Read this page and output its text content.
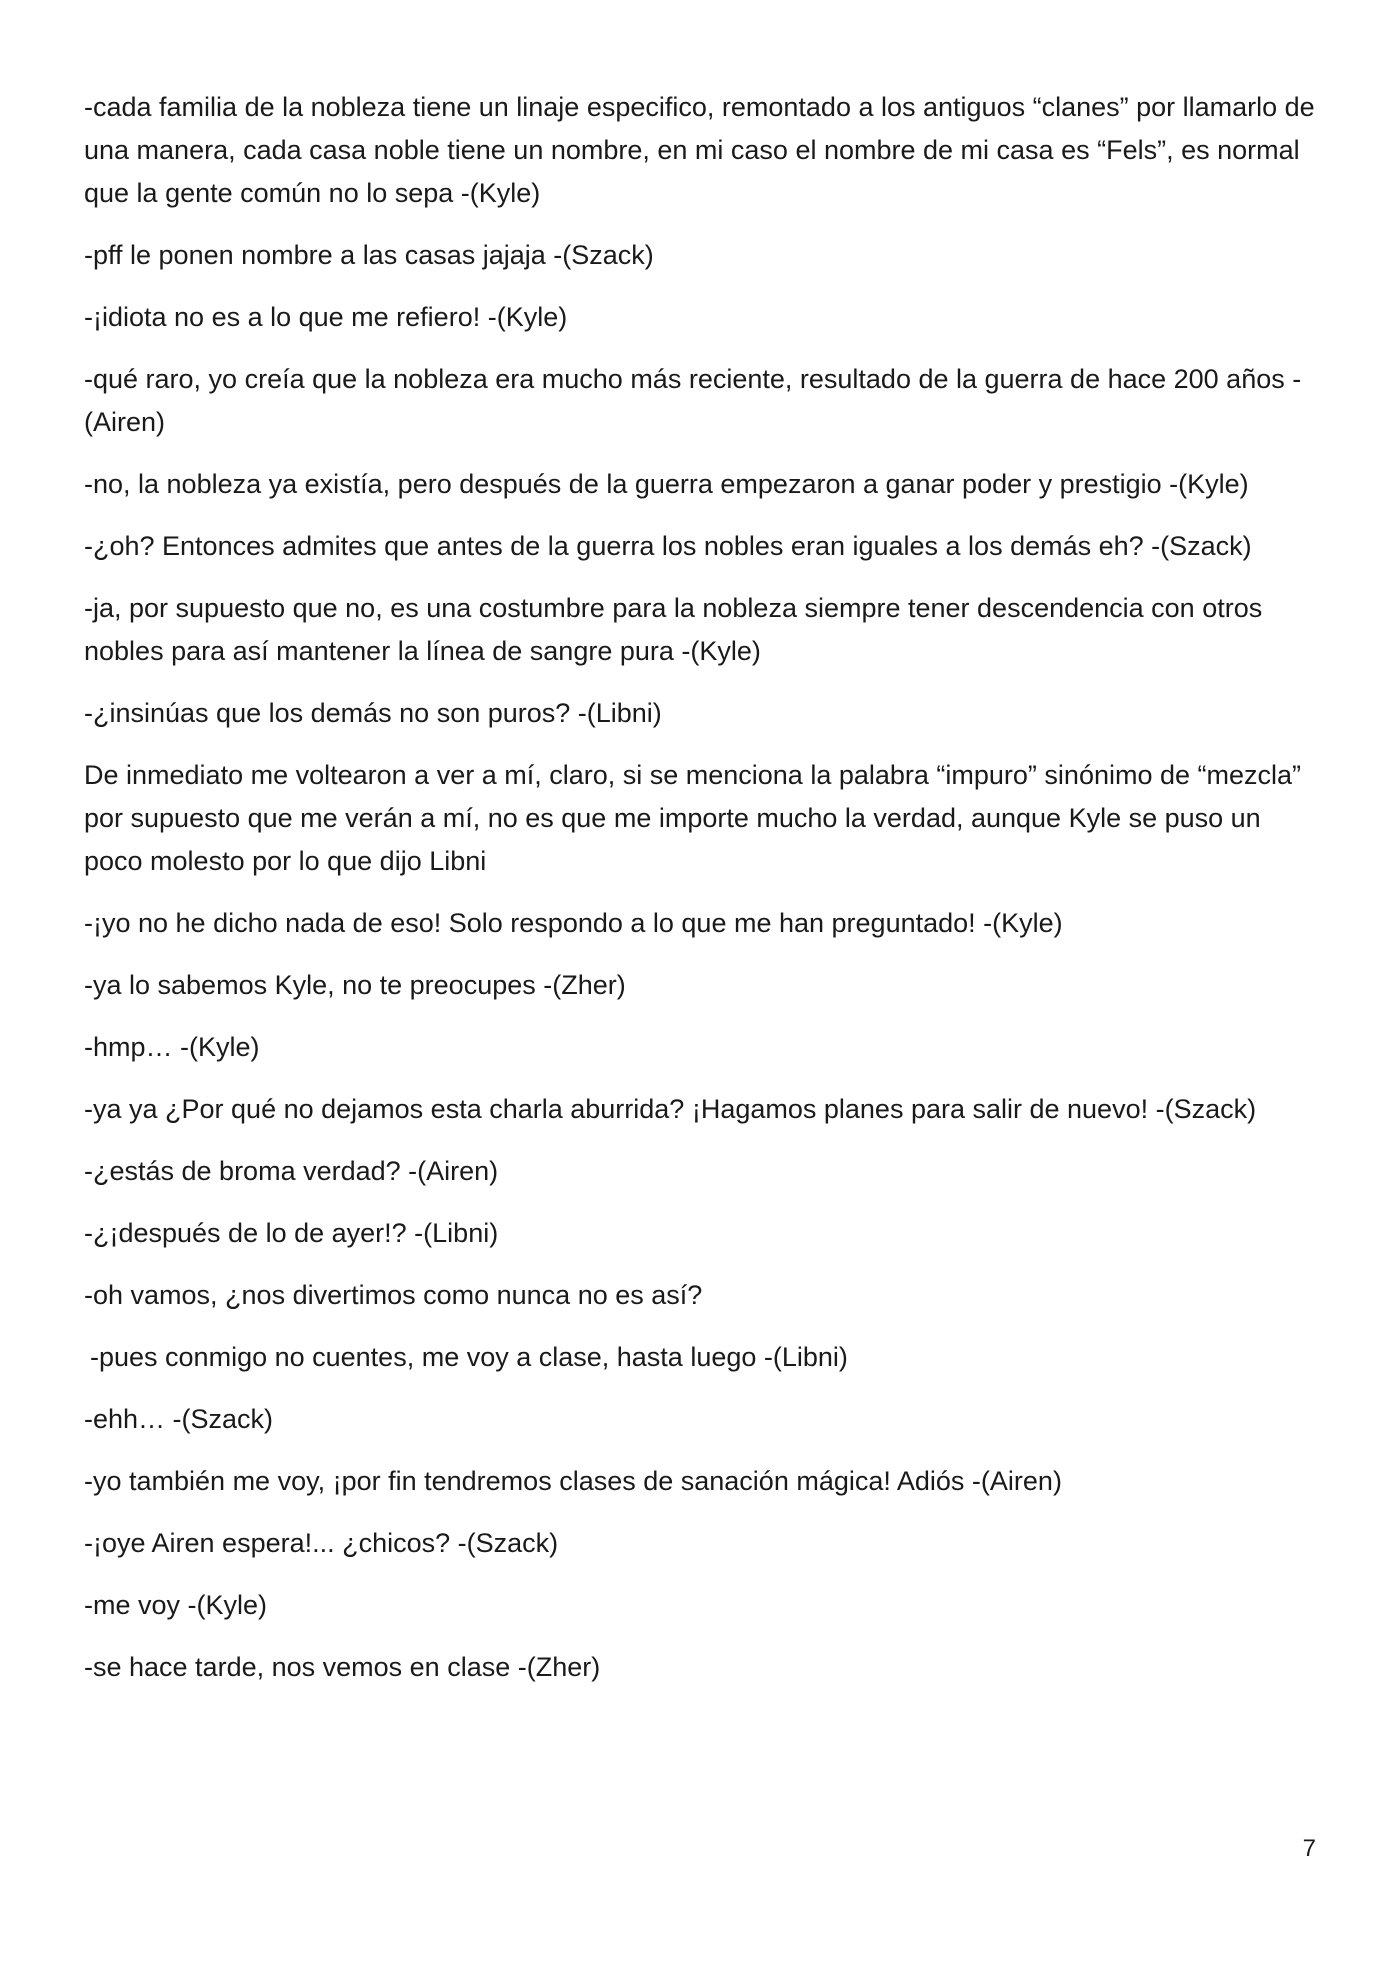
-cada familia de la nobleza tiene un linaje especifico, remontado a los antiguos “clanes” por llamarlo de una manera, cada casa noble tiene un nombre, en mi caso el nombre de mi casa es “Fels”, es normal que la gente común no lo sepa -(Kyle)

-pff le ponen nombre a las casas jajaja -(Szack)

-¡idiota no es a lo que me refiero! -(Kyle)

-qué raro, yo creía que la nobleza era mucho más reciente, resultado de la guerra de hace 200 años -(Airen)

-no, la nobleza ya existía, pero después de la guerra empezaron a ganar poder y prestigio -(Kyle)

-¿oh? Entonces admites que antes de la guerra los nobles eran iguales a los demás eh? -(Szack)

-ja, por supuesto que no, es una costumbre para la nobleza siempre tener descendencia con otros nobles para así mantener la línea de sangre pura -(Kyle)

-¿insinúas que los demás no son puros? -(Libni)

De inmediato me voltearon a ver a mí, claro, si se menciona la palabra “impuro” sinónimo de “mezcla” por supuesto que me verán a mí, no es que me importe mucho la verdad, aunque Kyle se puso un poco molesto por lo que dijo Libni

-¡yo no he dicho nada de eso! Solo respondo a lo que me han preguntado! -(Kyle)

-ya lo sabemos Kyle, no te preocupes -(Zher)

-hmp… -(Kyle)

-ya ya ¿Por qué no dejamos esta charla aburrida? ¡Hagamos planes para salir de nuevo! -(Szack)

-¿estás de broma verdad? -(Airen)

-¿¡después de lo de ayer!? -(Libni)

-oh vamos, ¿nos divertimos como nunca no es así?

-pues conmigo no cuentes, me voy a clase, hasta luego -(Libni)

-ehh… -(Szack)

-yo también me voy, ¡por fin tendremos clases de sanación mágica! Adiós -(Airen)

-¡oye Airen espera!... ¿chicos? -(Szack)

-me voy -(Kyle)

-se hace tarde, nos vemos en clase -(Zher)

7
